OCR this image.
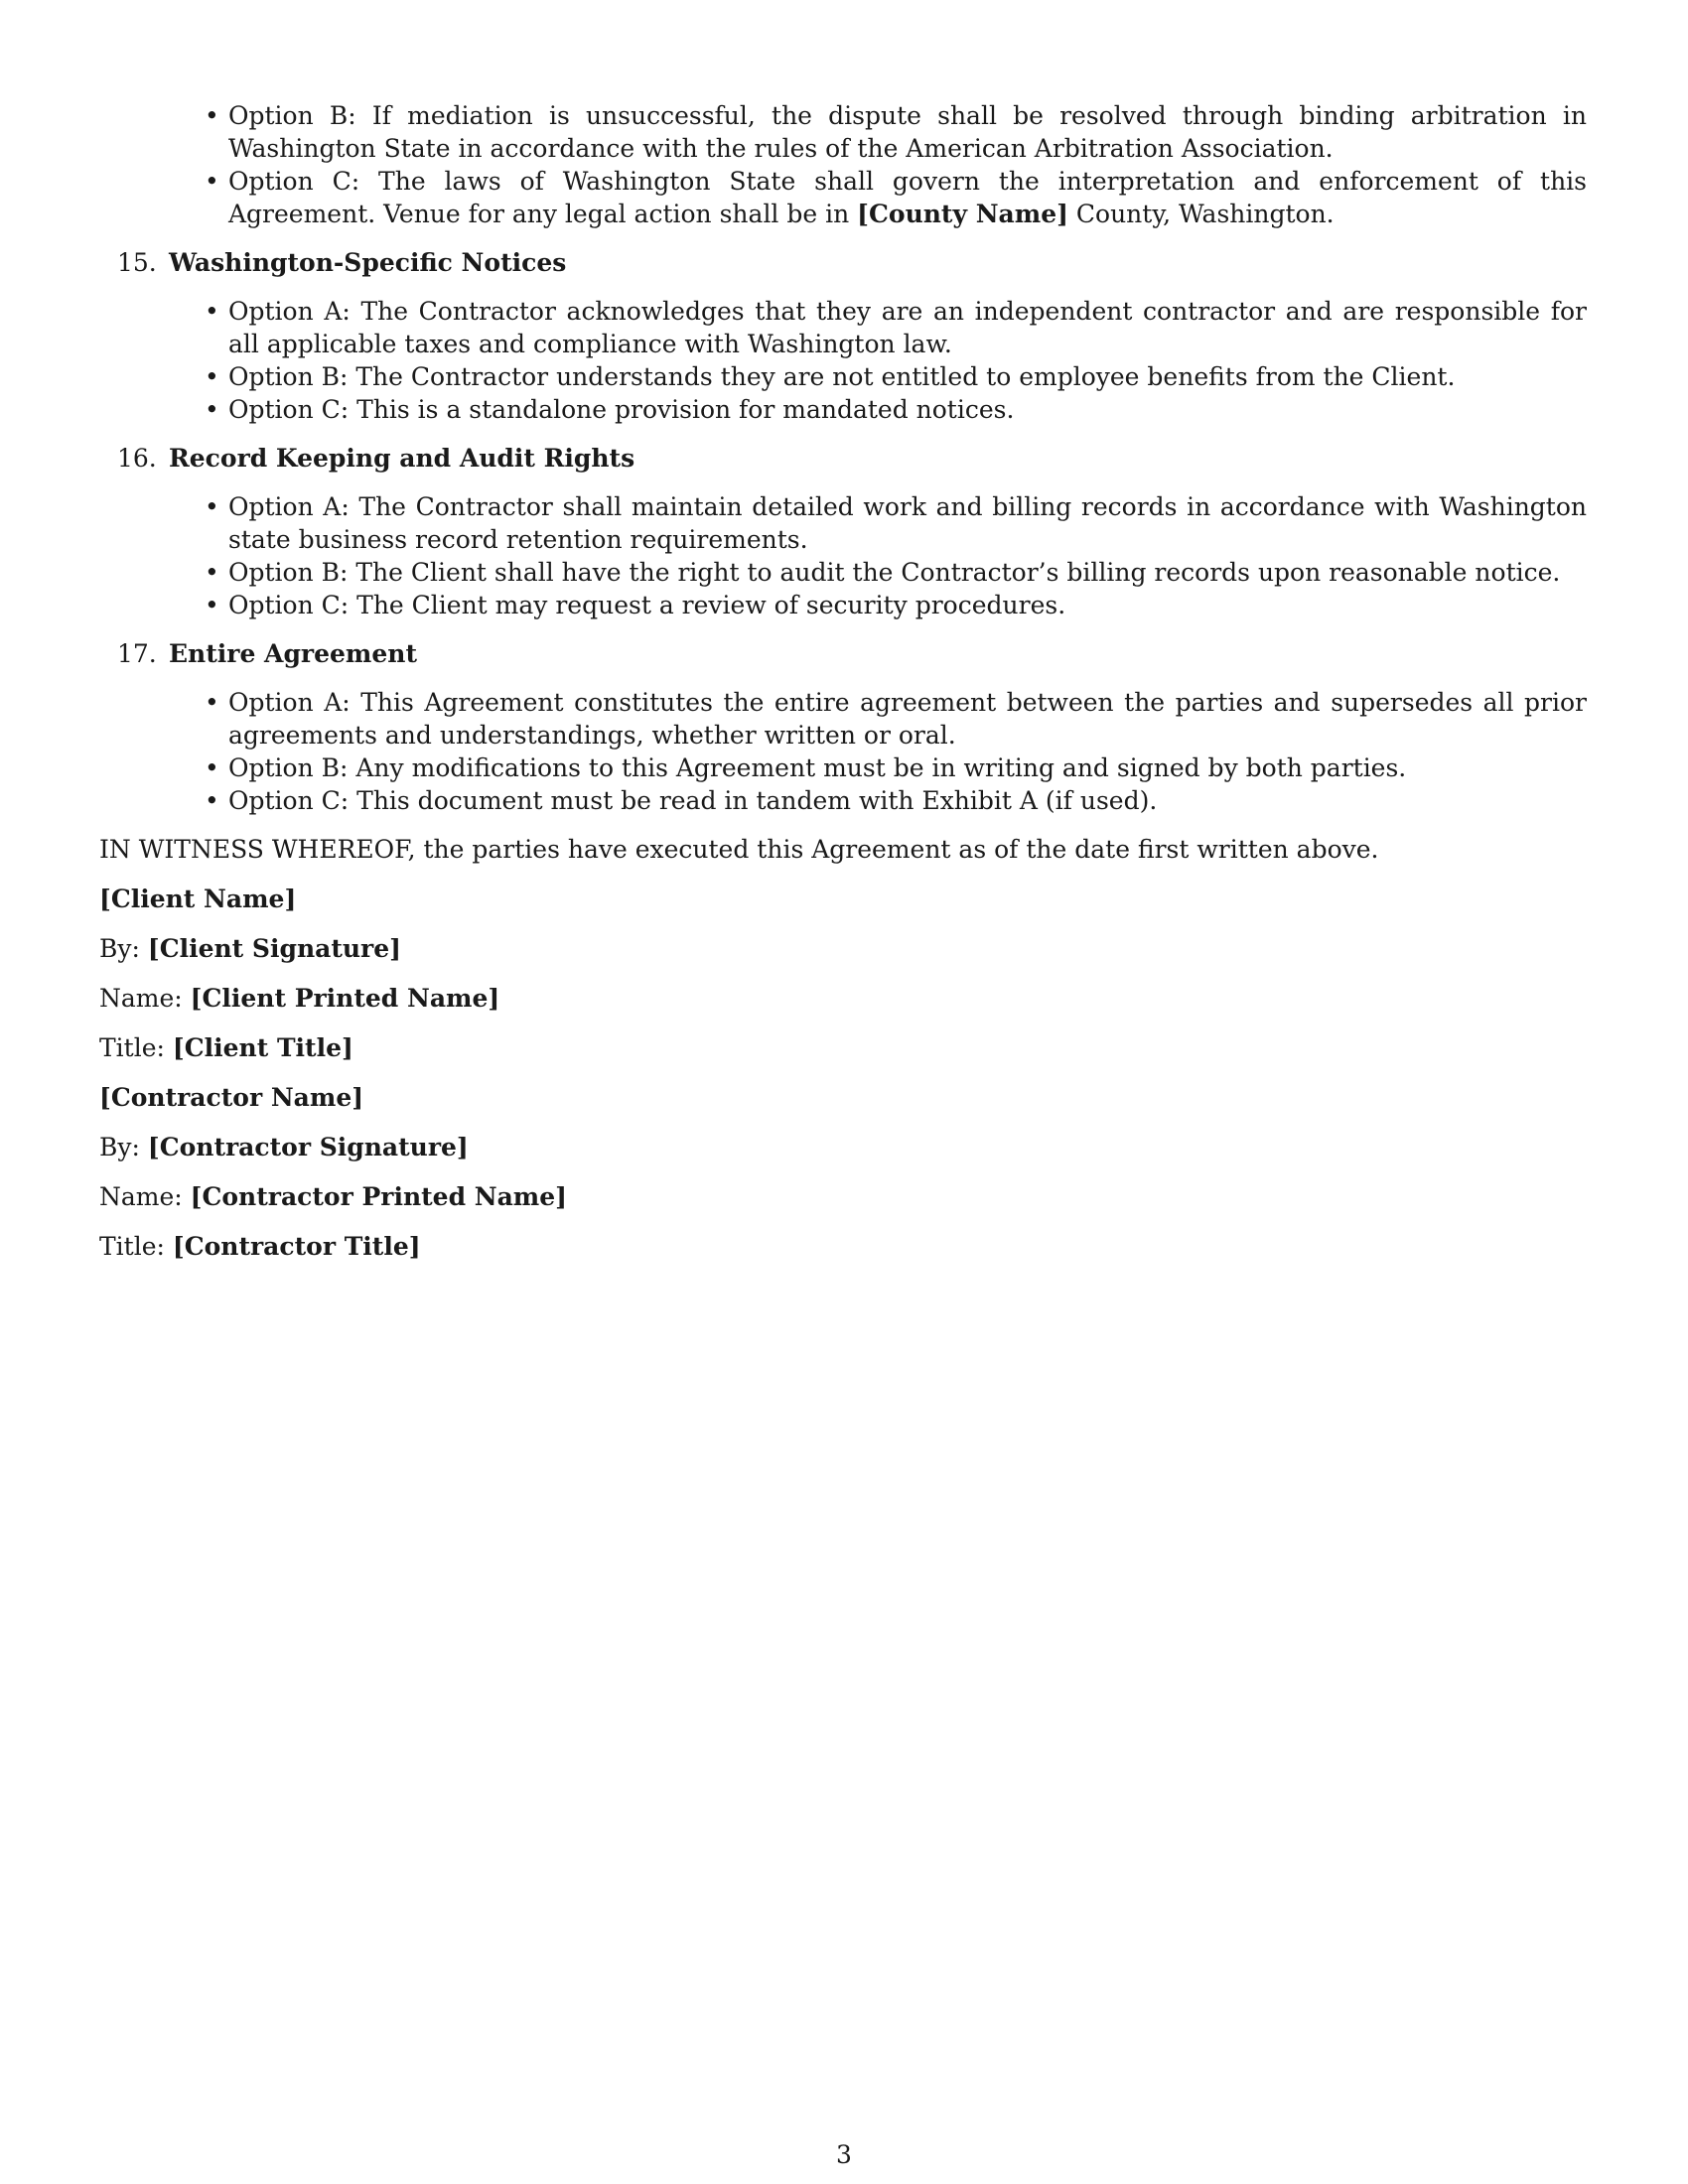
• Option B: If mediation is unsuccessful, the dispute shall be resolved through binding arbitration in Washington State in accordance with the rules of the American Arbitration Association.
• Option C: The laws of Washington State shall govern the interpretation and enforcement of this Agreement. Venue for any legal action shall be in [County Name] County, Washington.
15. Washington-Specific Notices
• Option A: The Contractor acknowledges that they are an independent contractor and are responsible for all applicable taxes and compliance with Washington law.
• Option B: The Contractor understands they are not entitled to employee benefits from the Client.
• Option C: This is a standalone provision for mandated notices.
16. Record Keeping and Audit Rights
• Option A: The Contractor shall maintain detailed work and billing records in accordance with Washington state business record retention requirements.
• Option B: The Client shall have the right to audit the Contractor’s billing records upon reasonable notice.
• Option C: The Client may request a review of security procedures.
17. Entire Agreement
• Option A: This Agreement constitutes the entire agreement between the parties and supersedes all prior agreements and understandings, whether written or oral.
• Option B: Any modifications to this Agreement must be in writing and signed by both parties.
• Option C: This document must be read in tandem with Exhibit A (if used).
IN WITNESS WHEREOF, the parties have executed this Agreement as of the date first written above.
[Client Name]
By: [Client Signature]
Name: [Client Printed Name]
Title: [Client Title]
[Contractor Name]
By: [Contractor Signature]
Name: [Contractor Printed Name]
Title: [Contractor Title]
3
